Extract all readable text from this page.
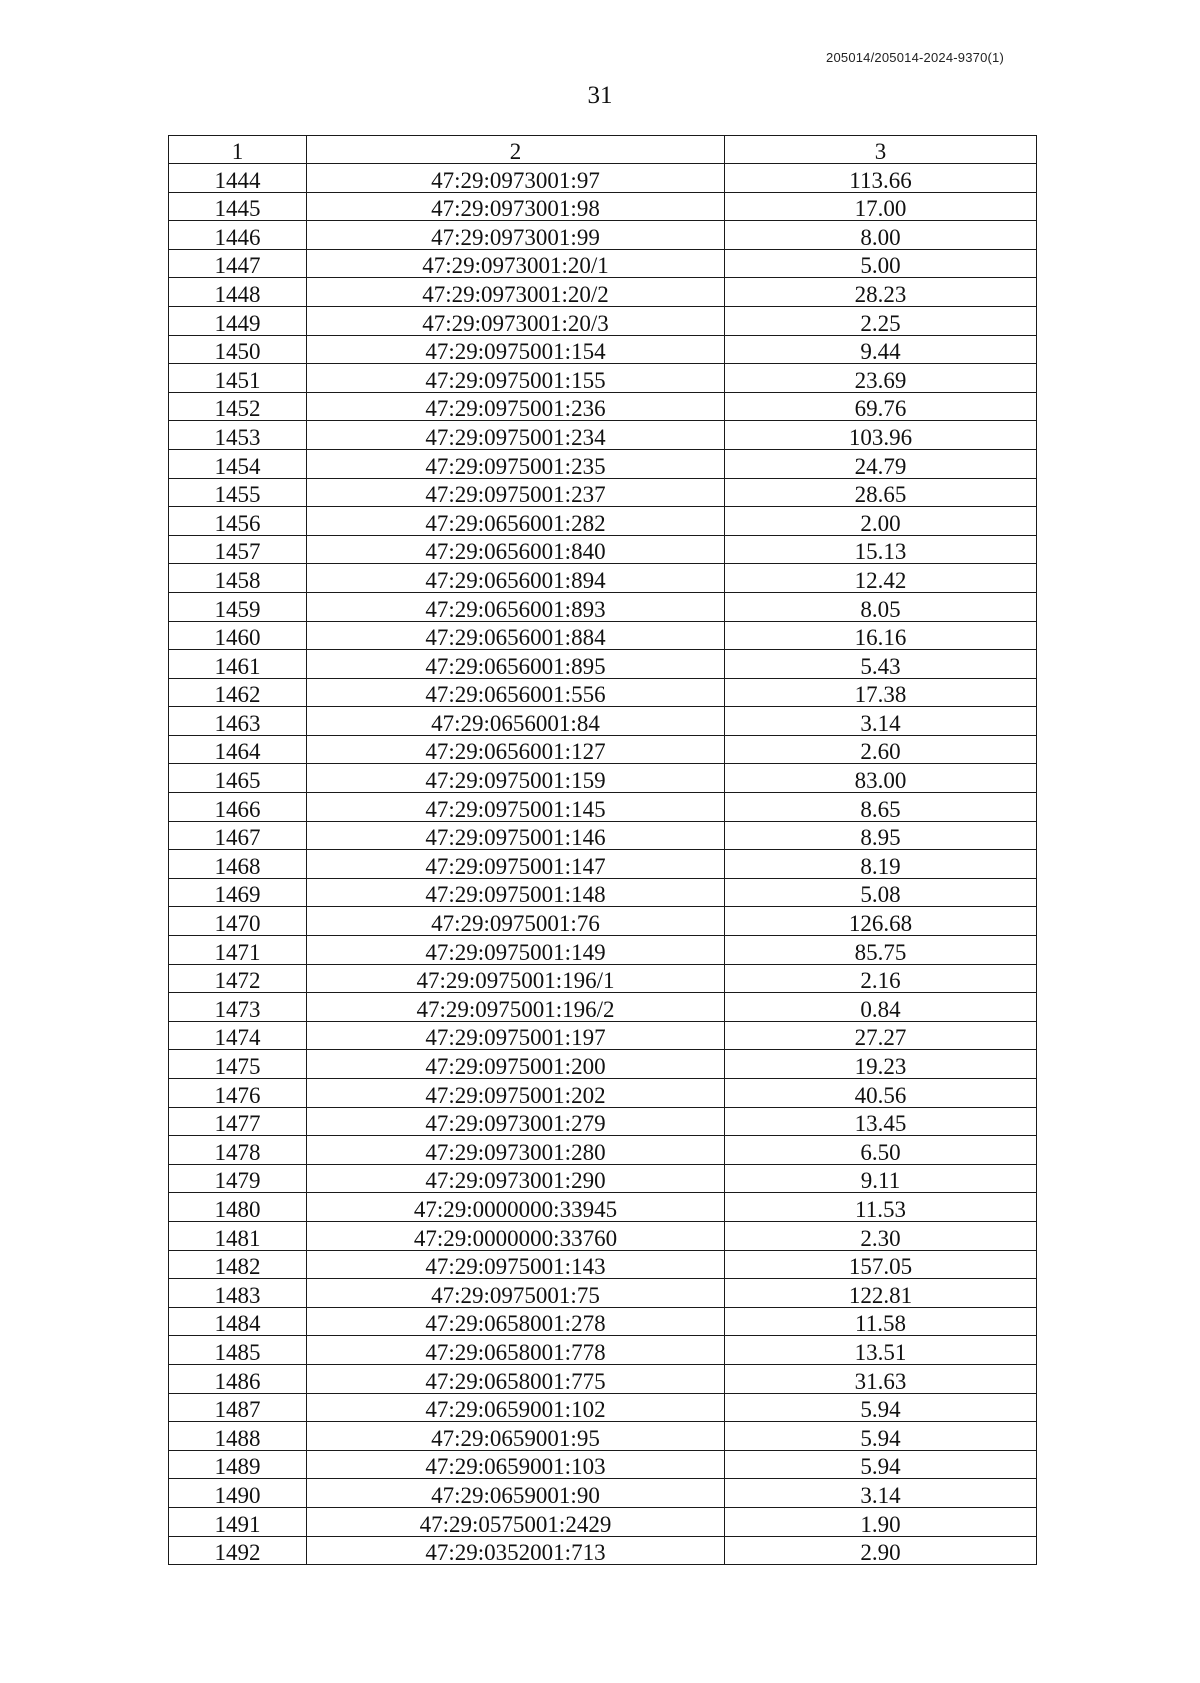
205014/205014-2024-9370(1)
31
1	2	3
1444	47:29:0973001:97	113.66
1445	47:29:0973001:98	17.00
1446	47:29:0973001:99	8.00
1447	47:29:0973001:20/1	5.00
1448	47:29:0973001:20/2	28.23
1449	47:29:0973001:20/3	2.25
1450	47:29:0975001:154	9.44
1451	47:29:0975001:155	23.69
1452	47:29:0975001:236	69.76
1453	47:29:0975001:234	103.96
1454	47:29:0975001:235	24.79
1455	47:29:0975001:237	28.65
1456	47:29:0656001:282	2.00
1457	47:29:0656001:840	15.13
1458	47:29:0656001:894	12.42
1459	47:29:0656001:893	8.05
1460	47:29:0656001:884	16.16
1461	47:29:0656001:895	5.43
1462	47:29:0656001:556	17.38
1463	47:29:0656001:84	3.14
1464	47:29:0656001:127	2.60
1465	47:29:0975001:159	83.00
1466	47:29:0975001:145	8.65
1467	47:29:0975001:146	8.95
1468	47:29:0975001:147	8.19
1469	47:29:0975001:148	5.08
1470	47:29:0975001:76	126.68
1471	47:29:0975001:149	85.75
1472	47:29:0975001:196/1	2.16
1473	47:29:0975001:196/2	0.84
1474	47:29:0975001:197	27.27
1475	47:29:0975001:200	19.23
1476	47:29:0975001:202	40.56
1477	47:29:0973001:279	13.45
1478	47:29:0973001:280	6.50
1479	47:29:0973001:290	9.11
1480	47:29:0000000:33945	11.53
1481	47:29:0000000:33760	2.30
1482	47:29:0975001:143	157.05
1483	47:29:0975001:75	122.81
1484	47:29:0658001:278	11.58
1485	47:29:0658001:778	13.51
1486	47:29:0658001:775	31.63
1487	47:29:0659001:102	5.94
1488	47:29:0659001:95	5.94
1489	47:29:0659001:103	5.94
1490	47:29:0659001:90	3.14
1491	47:29:0575001:2429	1.90
1492	47:29:0352001:713	2.90
